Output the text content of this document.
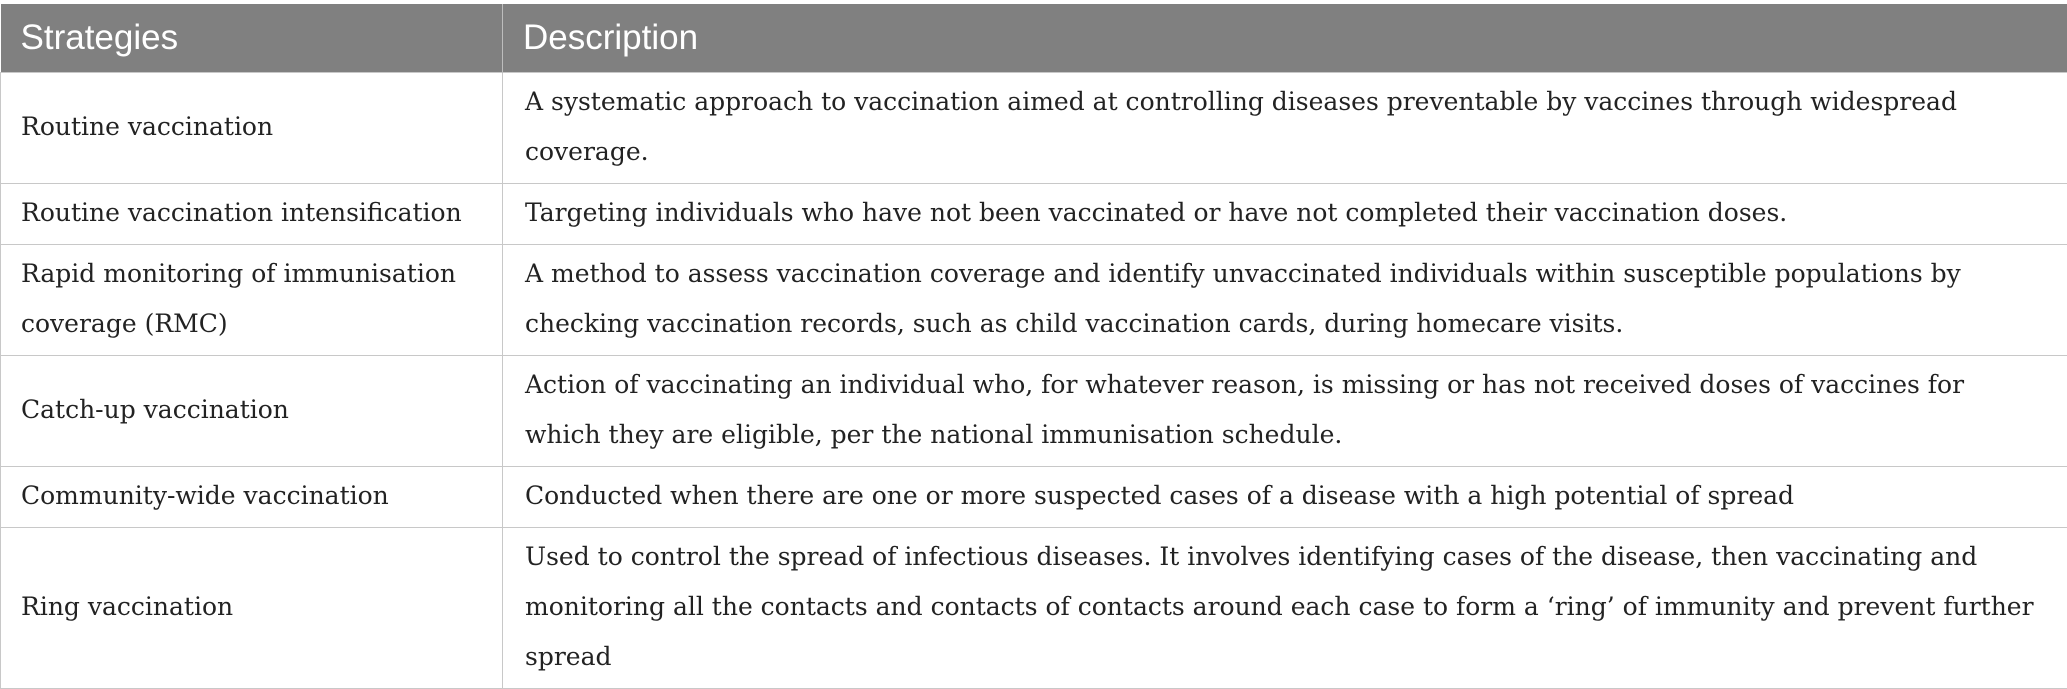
Strategies	Description
Routine vaccination	A systematic approach to vaccination aimed at controlling diseases preventable by vaccines through widespread coverage.
Routine vaccination intensification	Targeting individuals who have not been vaccinated or have not completed their vaccination doses.
Rapid monitoring of immunisation coverage (RMC)	A method to assess vaccination coverage and identify unvaccinated individuals within susceptible populations by checking vaccination records, such as child vaccination cards, during homecare visits.
Catch-up vaccination	Action of vaccinating an individual who, for whatever reason, is missing or has not received doses of vaccines for which they are eligible, per the national immunisation schedule.
Community-wide vaccination	Conducted when there are one or more suspected cases of a disease with a high potential of spread
Ring vaccination	Used to control the spread of infectious diseases. It involves identifying cases of the disease, then vaccinating and monitoring all the contacts and contacts of contacts around each case to form a ‘ring’ of immunity and prevent further spread
